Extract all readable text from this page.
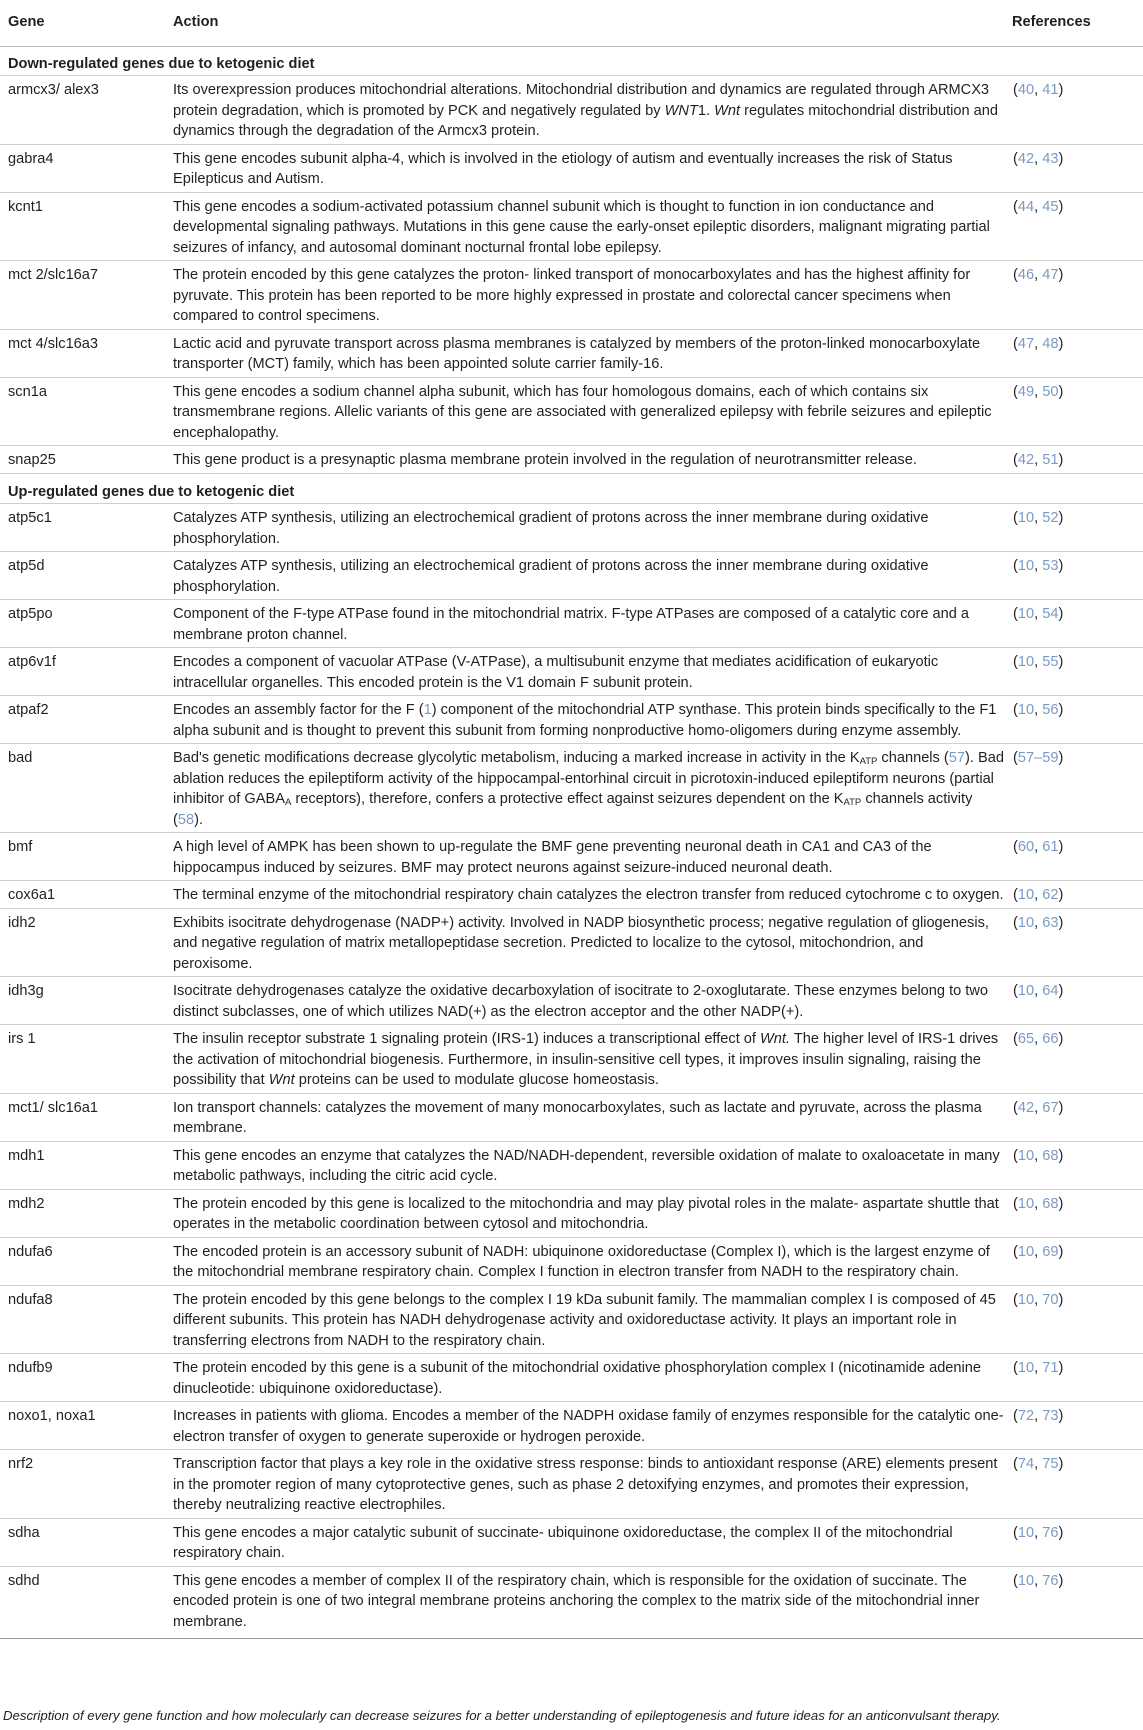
Gene	Action	References
Down-regulated genes due to ketogenic diet		
armcx3/ alex3	Its overexpression produces mitochondrial alterations. Mitochondrial distribution and dynamics are regulated through ARMCX3 protein degradation, which is promoted by PCK and negatively regulated by WNT1. Wnt regulates mitochondrial distribution and dynamics through the degradation of the Armcx3 protein.	(40, 41)
gabra4	This gene encodes subunit alpha-4, which is involved in the etiology of autism and eventually increases the risk of Status Epilepticus and Autism.	(42, 43)
kcnt1	This gene encodes a sodium-activated potassium channel subunit which is thought to function in ion conductance and developmental signaling pathways. Mutations in this gene cause the early-onset epileptic disorders, malignant migrating partial seizures of infancy, and autosomal dominant nocturnal frontal lobe epilepsy.	(44, 45)
mct 2/slc16a7	The protein encoded by this gene catalyzes the proton- linked transport of monocarboxylates and has the highest affinity for pyruvate. This protein has been reported to be more highly expressed in prostate and colorectal cancer specimens when compared to control specimens.	(46, 47)
mct 4/slc16a3	Lactic acid and pyruvate transport across plasma membranes is catalyzed by members of the proton-linked monocarboxylate transporter (MCT) family, which has been appointed solute carrier family-16.	(47, 48)
scn1a	This gene encodes a sodium channel alpha subunit, which has four homologous domains, each of which contains six transmembrane regions. Allelic variants of this gene are associated with generalized epilepsy with febrile seizures and epileptic encephalopathy.	(49, 50)
snap25	This gene product is a presynaptic plasma membrane protein involved in the regulation of neurotransmitter release.	(42, 51)
Up-regulated genes due to ketogenic diet		
atp5c1	Catalyzes ATP synthesis, utilizing an electrochemical gradient of protons across the inner membrane during oxidative phosphorylation.	(10, 52)
atp5d	Catalyzes ATP synthesis, utilizing an electrochemical gradient of protons across the inner membrane during oxidative phosphorylation.	(10, 53)
atp5po	Component of the F-type ATPase found in the mitochondrial matrix. F-type ATPases are composed of a catalytic core and a membrane proton channel.	(10, 54)
atp6v1f	Encodes a component of vacuolar ATPase (V-ATPase), a multisubunit enzyme that mediates acidification of eukaryotic intracellular organelles. This encoded protein is the V1 domain F subunit protein.	(10, 55)
atpaf2	Encodes an assembly factor for the F (1) component of the mitochondrial ATP synthase. This protein binds specifically to the F1 alpha subunit and is thought to prevent this subunit from forming nonproductive homo-oligomers during enzyme assembly.	(10, 56)
bad	Bad's genetic modifications decrease glycolytic metabolism, inducing a marked increase in activity in the $K_{ATP}$ channels (57). Bad ablation reduces the epileptiform activity of the hippocampal-entorhinal circuit in picrotoxin-induced epileptiform neurons (partial inhibitor of $GABA_A$ receptors), therefore, confers a protective effect against seizures dependent on the $K_{ATP}$ channels activity (58).	(57–59)
bmf	A high level of AMPK has been shown to up-regulate the BMF gene preventing neuronal death in CA1 and CA3 of the hippocampus induced by seizures. BMF may protect neurons against seizure-induced neuronal death.	(60, 61)
cox6a1	The terminal enzyme of the mitochondrial respiratory chain catalyzes the electron transfer from reduced cytochrome c to oxygen.	(10, 62)
idh2	Exhibits isocitrate dehydrogenase (NADP+) activity. Involved in NADP biosynthetic process; negative regulation of gliogenesis, and negative regulation of matrix metallopeptidase secretion. Predicted to localize to the cytosol, mitochondrion, and peroxisome.	(10, 63)
idh3g	Isocitrate dehydrogenases catalyze the oxidative decarboxylation of isocitrate to 2-oxoglutarate. These enzymes belong to two distinct subclasses, one of which utilizes NAD(+) as the electron acceptor and the other NADP(+).	(10, 64)
irs 1	The insulin receptor substrate 1 signaling protein (IRS-1) induces a transcriptional effect of Wnt. The higher level of IRS-1 drives the activation of mitochondrial biogenesis. Furthermore, in insulin-sensitive cell types, it improves insulin signaling, raising the possibility that Wnt proteins can be used to modulate glucose homeostasis.	(65, 66)
mct1/ slc16a1	Ion transport channels: catalyzes the movement of many monocarboxylates, such as lactate and pyruvate, across the plasma membrane.	(42, 67)
mdh1	This gene encodes an enzyme that catalyzes the NAD/NADH-dependent, reversible oxidation of malate to oxaloacetate in many metabolic pathways, including the citric acid cycle.	(10, 68)
mdh2	The protein encoded by this gene is localized to the mitochondria and may play pivotal roles in the malate- aspartate shuttle that operates in the metabolic coordination between cytosol and mitochondria.	(10, 68)
ndufa6	The encoded protein is an accessory subunit of NADH: ubiquinone oxidoreductase (Complex I), which is the largest enzyme of the mitochondrial membrane respiratory chain. Complex I function in electron transfer from NADH to the respiratory chain.	(10, 69)
ndufa8	The protein encoded by this gene belongs to the complex I 19 kDa subunit family. The mammalian complex I is composed of 45 different subunits. This protein has NADH dehydrogenase activity and oxidoreductase activity. It plays an important role in transferring electrons from NADH to the respiratory chain.	(10, 70)
ndufb9	The protein encoded by this gene is a subunit of the mitochondrial oxidative phosphorylation complex I (nicotinamide adenine dinucleotide: ubiquinone oxidoreductase).	(10, 71)
noxo1, noxa1	Increases in patients with glioma. Encodes a member of the NADPH oxidase family of enzymes responsible for the catalytic one-electron transfer of oxygen to generate superoxide or hydrogen peroxide.	(72, 73)
nrf2	Transcription factor that plays a key role in the oxidative stress response: binds to antioxidant response (ARE) elements present in the promoter region of many cytoprotective genes, such as phase 2 detoxifying enzymes, and promotes their expression, thereby neutralizing reactive electrophiles.	(74, 75)
sdha	This gene encodes a major catalytic subunit of succinate- ubiquinone oxidoreductase, the complex II of the mitochondrial respiratory chain.	(10, 76)
sdhd	This gene encodes a member of complex II of the respiratory chain, which is responsible for the oxidation of succinate. The encoded protein is one of two integral membrane proteins anchoring the complex to the matrix side of the mitochondrial inner membrane.	(10, 76)
Description of every gene function and how molecularly can decrease seizures for a better understanding of epileptogenesis and future ideas for an anticonvulsant therapy.
